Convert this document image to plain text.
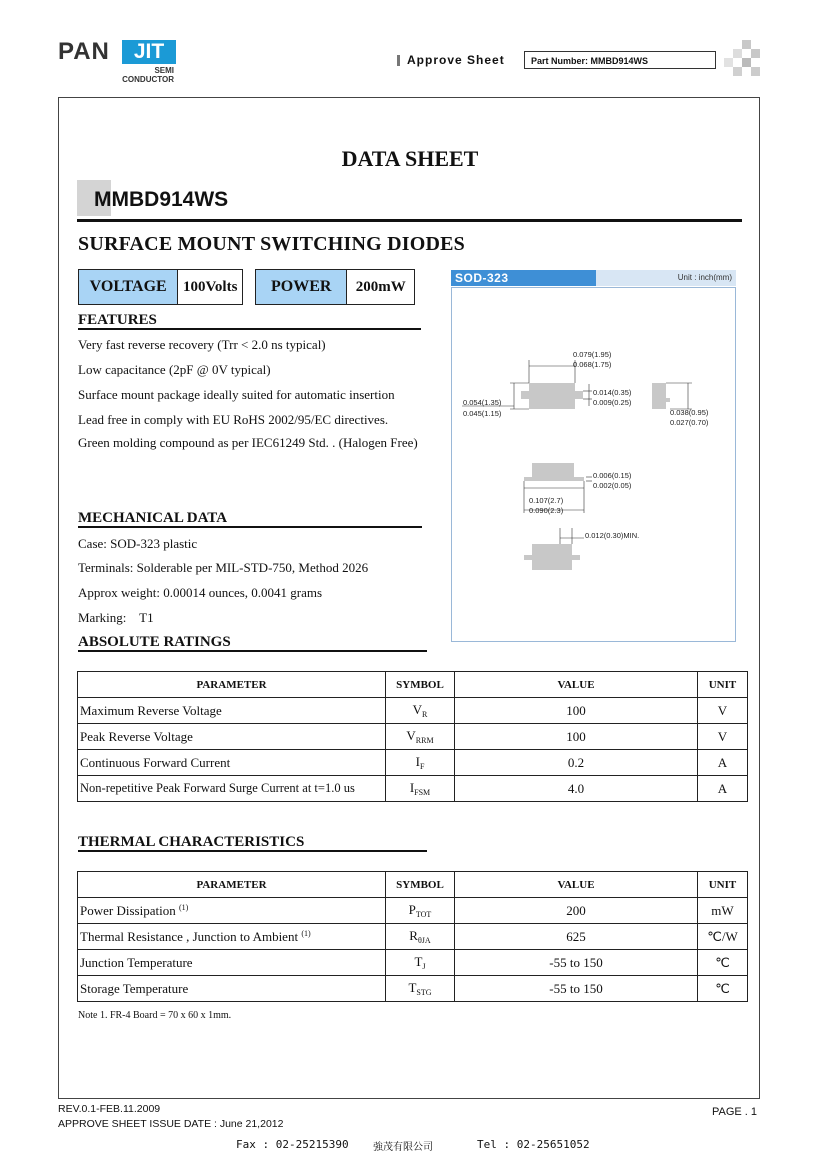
PAN	JIT
SEMI
CONDUCTOR
Approve Sheet	Part Number: MMBD914WS
DATA SHEET
MMBD914WS
SURFACE MOUNT SWITCHING DIODES
VOLTAGE	100Volts	POWER	200mW
FEATURES
Very fast reverse recovery (Trr < 2.0 ns typical)
Low capacitance (2pF @ 0V typical)
Surface mount package ideally suited for automatic insertion
Lead free in comply with EU RoHS 2002/95/EC directives.
Green molding compound as per IEC61249 Std. . (Halogen Free)
MECHANICAL DATA
Case: SOD-323 plastic
Terminals: Solderable per MIL-STD-750, Method 2026
Approx weight: 0.00014 ounces, 0.0041 grams
Marking:    T1
SOD-323	Unit : inch(mm)
0.079(1.95)
0.068(1.75)
0.014(0.35)
0.009(0.25)
0.054(1.35)
0.045(1.15)	0.038(0.95)
0.027(0.70)
0.006(0.15)
0.002(0.05)
0.107(2.7)
0.090(2.3)
0.012(0.30)MIN.
ABSOLUTE RATINGS
PARAMETER	SYMBOL	VALUE	UNIT
Maximum Reverse Voltage	$V_R$	100	V
Peak Reverse Voltage	$V_{RRM}$	100	V
Continuous Forward Current	$I_F$	0.2	A
Non-repetitive Peak Forward Surge Current at t=1.0 us	$I_{FSM}$	4.0	A
THERMAL CHARACTERISTICS
PARAMETER	SYMBOL	VALUE	UNIT
Power Dissipation $^{(1)}$	$P_{TOT}$	200	mW
Thermal Resistance , Junction to Ambient $^{(1)}$	$R_{\theta JA}$	625	℃/W
Junction Temperature	$T_J$	-55 to 150	℃
Storage Temperature	$T_{STG}$	-55 to 150	℃
Note 1. FR-4 Board = 70 x 60 x 1mm.
REV.0.1-FEB.11.2009
APPROVE SHEET ISSUE DATE : June 21,2012
PAGE . 1
Fax : 02-25215390 強茂有限公司	Tel : 02-25651052
